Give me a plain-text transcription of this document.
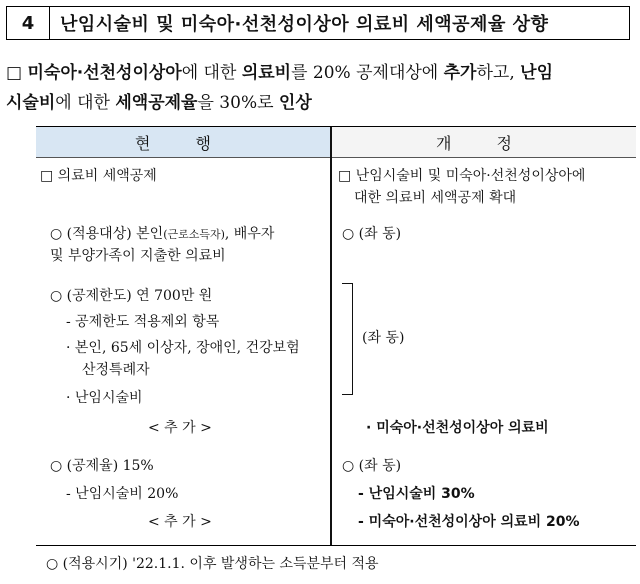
4	난임시술비 및 미숙아·선천성이상아 의료비 세액공제율 상향
□ 미숙아·선천성이상아에 대한 의료비를 20% 공제대상에 추가하고, 난임
시술비에 대한 세액공제율을 30%로 인상
현 행	개 정
□ 의료비 세액공제
○ (적용대상) 본인(근로소득자), 배우자
및 부양가족이 지출한 의료비
○ (공제한도) 연 700만 원
- 공제한도 적용제외 항목
· 본인, 65세 이상자, 장애인, 건강보험
산정특례자
· 난임시술비
< 추 가 >
○ (공제율) 15%
- 난임시술비 20%
< 추 가 >
□ 난임시술비 및 미숙아·선천성이상아에
대한 의료비 세액공제 확대
○ (좌 동)
(좌 동)
· 미숙아·선천성이상아 의료비
○ (좌 동)
- 난임시술비 30%
- 미숙아·선천성이상아 의료비 20%
○ (적용시기) '22.1.1. 이후 발생하는 소득분부터 적용
